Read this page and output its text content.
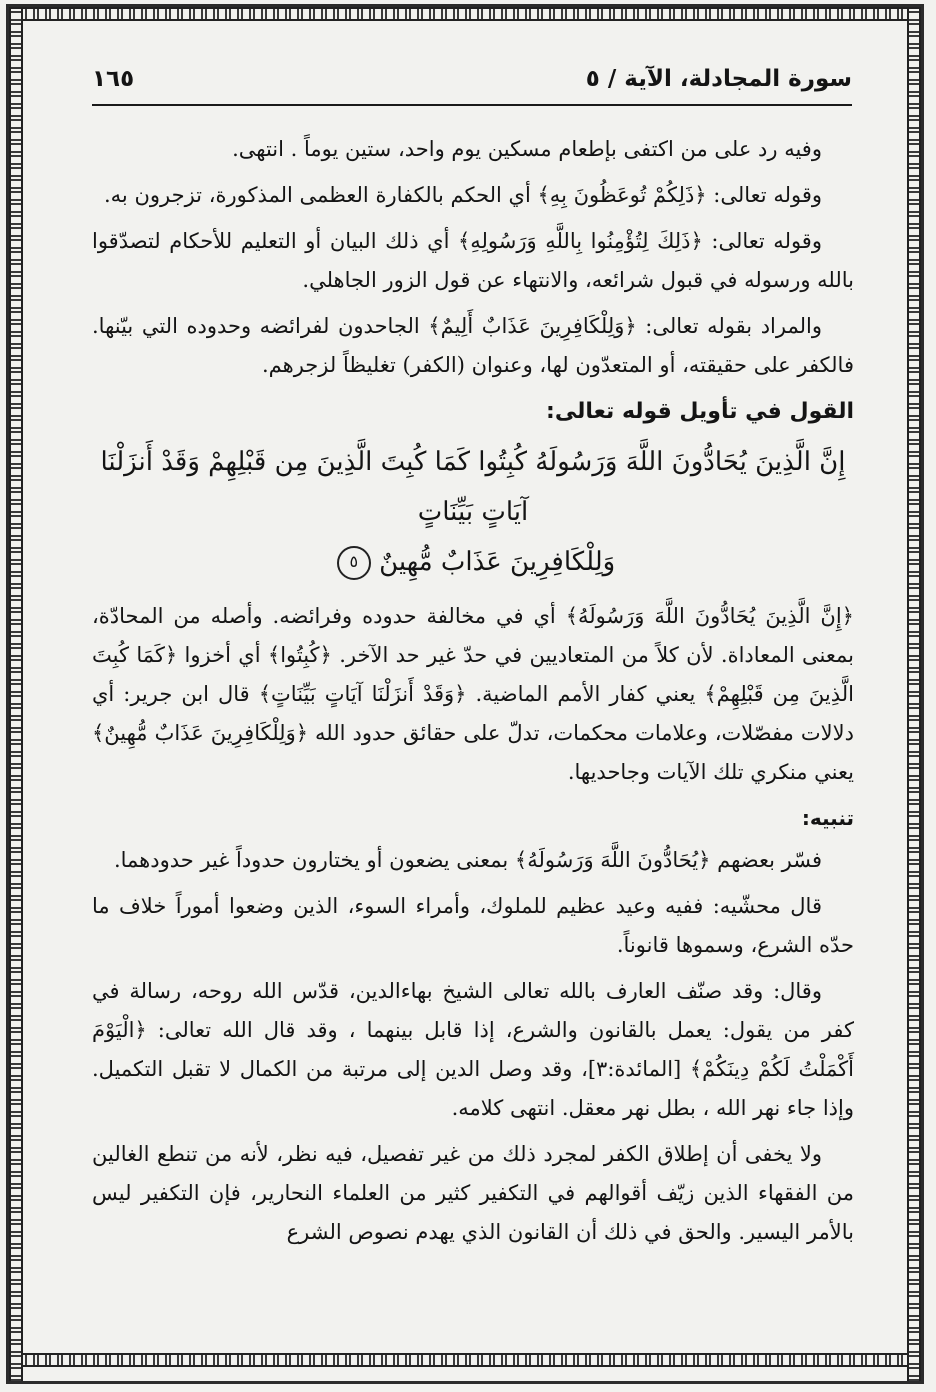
سورة المجادلة، الآية / ٥
١٦٥

وفيه رد على من اكتفى بإطعام مسكين يوم واحد، ستين يوماً . انتهى.

وقوله تعالى: ﴿ذَلِكُمْ تُوعَظُونَ بِهِ﴾ أي الحكم بالكفارة العظمى المذكورة، تزجرون به.

وقوله تعالى: ﴿ذَلِكَ لِتُؤْمِنُوا بِاللَّهِ وَرَسُولِهِ﴾ أي ذلك البيان أو التعليم للأحكام لتصدّقوا بالله ورسوله في قبول شرائعه، والانتهاء عن قول الزور الجاهلي.

والمراد بقوله تعالى: ﴿وَلِلْكَافِرِينَ عَذَابٌ أَلِيمٌ﴾ الجاحدون لفرائضه وحدوده التي بيّنها. فالكفر على حقيقته، أو المتعدّون لها، وعنوان (الكفر) تغليظاً لزجرهم.

القول في تأويل قوله تعالى:
إِنَّ الَّذِينَ يُحَادُّونَ اللَّهَ وَرَسُولَهُ كُبِتُوا كَمَا كُبِتَ الَّذِينَ مِن قَبْلِهِمْ وَقَدْ أَنزَلْنَا آيَاتٍ بَيِّنَاتٍ
وَلِلْكَافِرِينَ عَذَابٌ مُّهِينٌ ٥

﴿إِنَّ الَّذِينَ يُحَادُّونَ اللَّهَ وَرَسُولَهُ﴾ أي في مخالفة حدوده وفرائضه. وأصله من المحادّة، بمعنى المعاداة. لأن كلاً من المتعاديين في حدّ غير حد الآخر. ﴿كُبِتُوا﴾ أي أخزوا ﴿كَمَا كُبِتَ الَّذِينَ مِن قَبْلِهِمْ﴾ يعني كفار الأمم الماضية. ﴿وَقَدْ أَنزَلْنَا آيَاتٍ بَيِّنَاتٍ﴾ قال ابن جرير: أي دلالات مفصّلات، وعلامات محكمات، تدلّ على حقائق حدود الله ﴿وَلِلْكَافِرِينَ عَذَابٌ مُّهِينٌ﴾ يعني منكري تلك الآيات وجاحديها.

تنبيه:

فسّر بعضهم ﴿يُحَادُّونَ اللَّهَ وَرَسُولَهُ﴾ بمعنى يضعون أو يختارون حدوداً غير حدودهما.

قال محشّيه: ففيه وعيد عظيم للملوك، وأمراء السوء، الذين وضعوا أموراً خلاف ما حدّه الشرع، وسموها قانوناً.

وقال: وقد صنّف العارف بالله تعالى الشيخ بهاءالدين، قدّس الله روحه، رسالة في كفر من يقول: يعمل بالقانون والشرع، إذا قابل بينهما ، وقد قال الله تعالى: ﴿الْيَوْمَ أَكْمَلْتُ لَكُمْ دِينَكُمْ﴾ [المائدة:٣]، وقد وصل الدين إلى مرتبة من الكمال لا تقبل التكميل. وإذا جاء نهر الله ، بطل نهر معقل. انتهى كلامه.

ولا يخفى أن إطلاق الكفر لمجرد ذلك من غير تفصيل، فيه نظر، لأنه من تنطع الغالين من الفقهاء الذين زيّف أقوالهم في التكفير كثير من العلماء النحارير، فإن التكفير ليس بالأمر اليسير. والحق في ذلك أن القانون الذي يهدم نصوص الشرع
